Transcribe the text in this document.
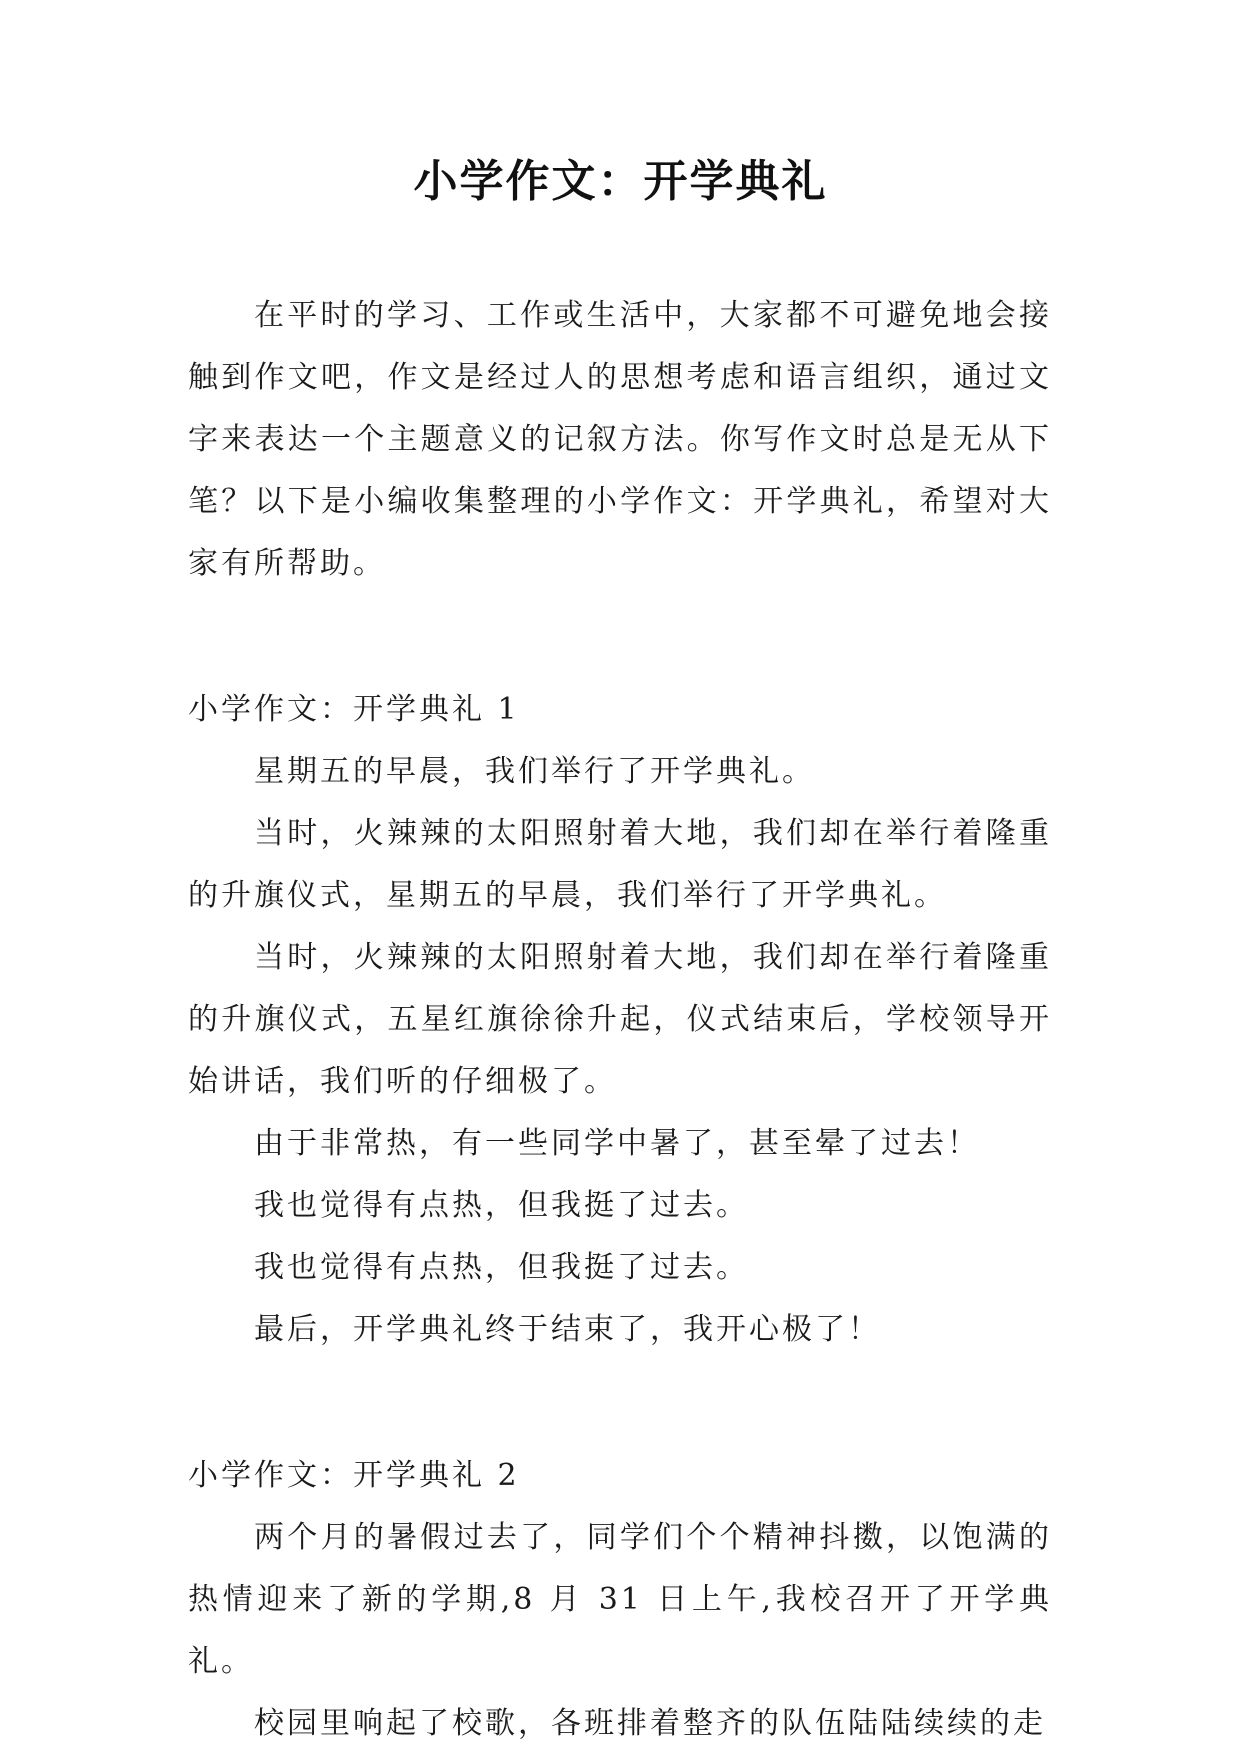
小学作文：开学典礼

在平时的学习、工作或生活中，大家都不可避免地会接触到作文吧，作文是经过人的思想考虑和语言组织，通过文字来表达一个主题意义的记叙方法。你写作文时总是无从下笔？以下是小编收集整理的小学作文：开学典礼，希望对大家有所帮助。

小学作文：开学典礼 1

星期五的早晨，我们举行了开学典礼。

当时，火辣辣的太阳照射着大地，我们却在举行着隆重的升旗仪式，星期五的早晨，我们举行了开学典礼。

当时，火辣辣的太阳照射着大地，我们却在举行着隆重的升旗仪式，五星红旗徐徐升起，仪式结束后，学校领导开始讲话，我们听的仔细极了。

由于非常热，有一些同学中暑了，甚至晕了过去！

我也觉得有点热，但我挺了过去。

我也觉得有点热，但我挺了过去。

最后，开学典礼终于结束了，我开心极了！

小学作文：开学典礼 2

两个月的暑假过去了，同学们个个精神抖擞，以饱满的热情迎来了新的学期,8 月 31 日上午,我校召开了开学典礼。

校园里响起了校歌，各班排着整齐的队伍陆陆续续的走
